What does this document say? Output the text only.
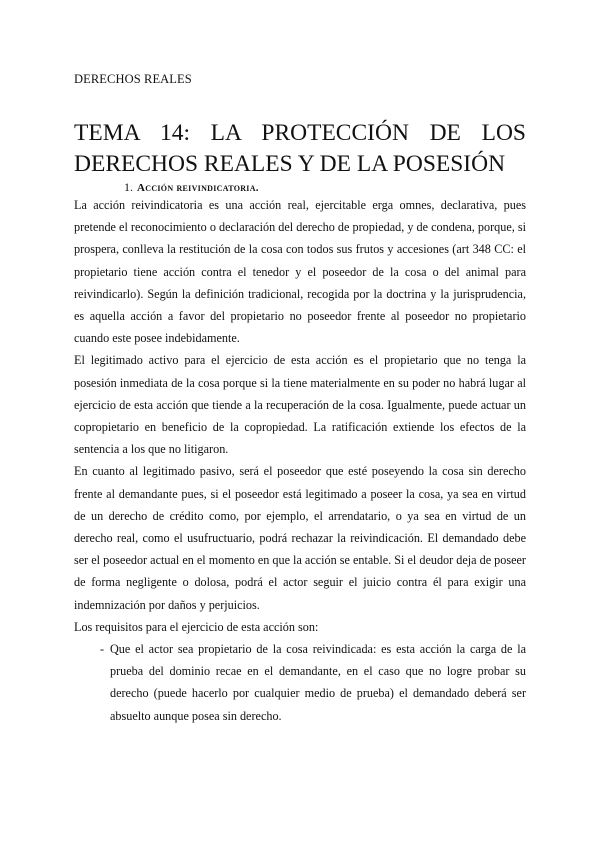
DERECHOS REALES
TEMA 14: LA PROTECCIÓN DE LOS DERECHOS REALES Y DE LA POSESIÓN
1. Acción reivindicatoria.

La acción reivindicatoria es una acción real, ejercitable erga omnes, declarativa, pues pretende el reconocimiento o declaración del derecho de propiedad, y de condena, porque, si prospera, conlleva la restitución de la cosa con todos sus frutos y accesiones (art 348 CC: el propietario tiene acción contra el tenedor y el poseedor de la cosa o del animal para reivindicarlo). Según la definición tradicional, recogida por la doctrina y la jurisprudencia, es aquella acción a favor del propietario no poseedor frente al poseedor no propietario cuando este posee indebidamente.

El legitimado activo para el ejercicio de esta acción es el propietario que no tenga la posesión inmediata de la cosa porque si la tiene materialmente en su poder no habrá lugar al ejercicio de esta acción que tiende a la recuperación de la cosa. Igualmente, puede actuar un copropietario en beneficio de la copropiedad. La ratificación extiende los efectos de la sentencia a los que no litigaron.

En cuanto al legitimado pasivo, será el poseedor que esté poseyendo la cosa sin derecho frente al demandante pues, si el poseedor está legitimado a poseer la cosa, ya sea en virtud de un derecho de crédito como, por ejemplo, el arrendatario, o ya sea en virtud de un derecho real, como el usufructuario, podrá rechazar la reivindicación. El demandado debe ser el poseedor actual en el momento en que la acción se entable. Si el deudor deja de poseer de forma negligente o dolosa, podrá el actor seguir el juicio contra él para exigir una indemnización por daños y perjuicios.

Los requisitos para el ejercicio de esta acción son:

- Que el actor sea propietario de la cosa reivindicada: es esta acción la carga de la prueba del dominio recae en el demandante, en el caso que no logre probar su derecho (puede hacerlo por cualquier medio de prueba) el demandado deberá ser absuelto aunque posea sin derecho.
